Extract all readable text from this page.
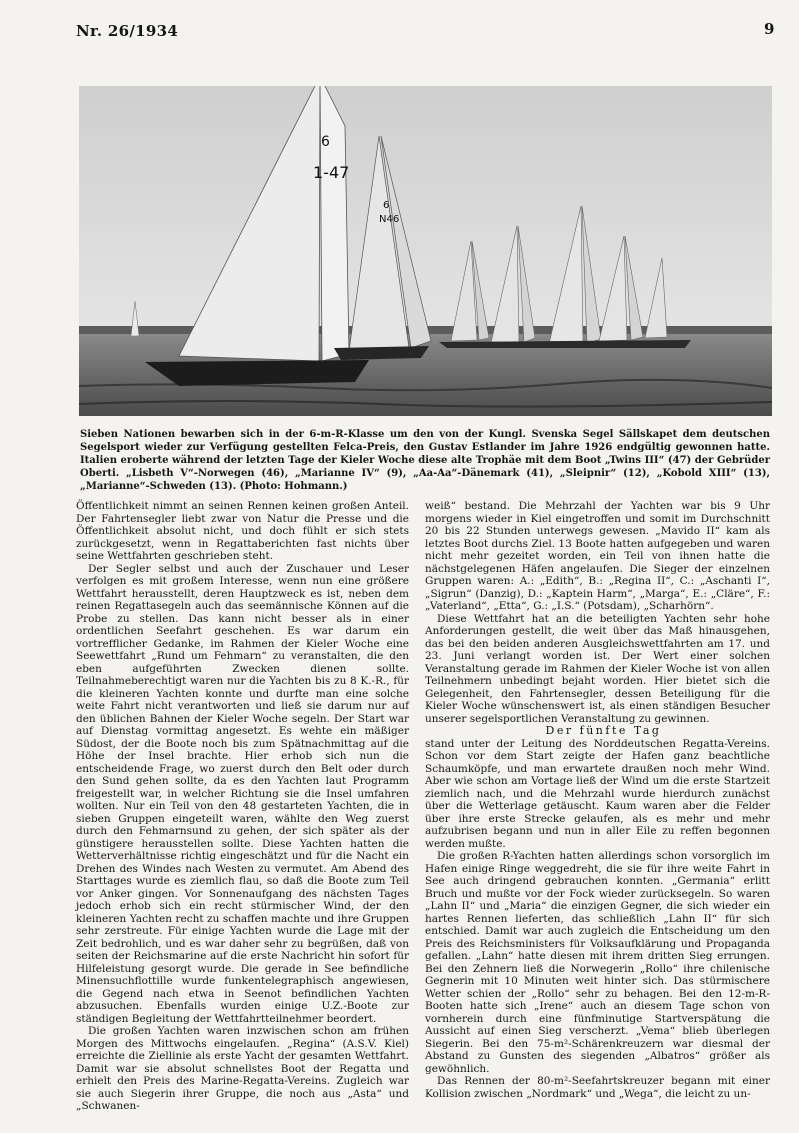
Nr. 26/1934	9
6
1-47
6
N46
Sieben Nationen bewarben sich in der 6-m-R-Klasse um den von der Kungl. Svenska Segel Sällskapet dem deutschen Segelsport wieder zur Verfügung gestellten Felca-Preis, den Gustav Estlander im Jahre 1926 endgültig gewonnen hatte. Italien eroberte während der letzten Tage der Kieler Woche diese alte Trophäe mit dem Boot „Twins III“ (47) der Gebrüder Oberti. „Lisbeth V“-Norwegen (46), „Marianne IV“ (9), „Aa-Aa“-Dänemark (41), „Sleipnir“ (12), „Kobold XIII“ (13), „Marianne“-Schweden (13). (Photo: Hohmann.)

Öffentlichkeit nimmt an seinen Rennen keinen großen Anteil. Der Fahrtensegler liebt zwar von Natur die Presse und die Öffentlichkeit absolut nicht, und doch fühlt er sich stets zurückgesetzt, wenn in Regattaberichten fast nichts über seine Wettfahrten geschrieben steht.

Der Segler selbst und auch der Zuschauer und Leser verfolgen es mit großem Interesse, wenn nun eine größere Wettfahrt herausstellt, deren Hauptzweck es ist, neben dem reinen Regattasegeln auch das seemännische Können auf die Probe zu stellen. Das kann nicht besser als in einer ordentlichen Seefahrt geschehen. Es war darum ein vortrefflicher Gedanke, im Rahmen der Kieler Woche eine Seewettfahrt „Rund um Fehmarn“ zu veranstalten, die den eben aufgeführten Zwecken dienen sollte. Teilnahmeberechtigt waren nur die Yachten bis zu 8 K.-R., für die kleineren Yachten konnte und durfte man eine solche weite Fahrt nicht verantworten und ließ sie darum nur auf den üblichen Bahnen der Kieler Woche segeln. Der Start war auf Dienstag vormittag angesetzt. Es wehte ein mäßiger Südost, der die Boote noch bis zum Spätnachmittag auf die Höhe der Insel brachte. Hier erhob sich nun die entscheidende Frage, wo zuerst durch den Belt oder durch den Sund gehen sollte, da es den Yachten laut Programm freigestellt war, in welcher Richtung sie die Insel umfahren wollten. Nur ein Teil von den 48 gestarteten Yachten, die in sieben Gruppen eingeteilt waren, wählte den Weg zuerst durch den Fehmarnsund zu gehen, der sich später als der günstigere herausstellen sollte. Diese Yachten hatten die Wetterverhältnisse richtig eingeschätzt und für die Nacht ein Drehen des Windes nach Westen zu vermutet. Am Abend des Starttages wurde es ziemlich flau, so daß die Boote zum Teil vor Anker gingen. Vor Sonnenaufgang des nächsten Tages jedoch erhob sich ein recht stürmischer Wind, der den kleineren Yachten recht zu schaffen machte und ihre Gruppen sehr zerstreute. Für einige Yachten wurde die Lage mit der Zeit bedrohlich, und es war daher sehr zu begrüßen, daß von seiten der Reichsmarine auf die erste Nachricht hin sofort für Hilfeleistung gesorgt wurde. Die gerade in See befindliche Minensuchflottille wurde funkentelegraphisch angewiesen, die Gegend nach etwa in Seenot befindlichen Yachten abzusuchen. Ebenfalls wurden einige U.Z.-Boote zur ständigen Begleitung der Wettfahrtteilnehmer beordert.

Die großen Yachten waren inzwischen schon am frühen Morgen des Mittwochs eingelaufen. „Regina“ (A.S.V. Kiel) erreichte die Ziellinie als erste Yacht der gesamten Wettfahrt. Damit war sie absolut schnellstes Boot der Regatta und erhielt den Preis des Marine-Regatta-Vereins. Zugleich war sie auch Siegerin ihrer Gruppe, die noch aus „Asta“ und „Schwanen-

weiß“ bestand. Die Mehrzahl der Yachten war bis 9 Uhr morgens wieder in Kiel eingetroffen und somit im Durchschnitt 20 bis 22 Stunden unterwegs gewesen. „Mavido II“ kam als letztes Boot durchs Ziel. 13 Boote hatten aufgegeben und waren nicht mehr gezeitet worden, ein Teil von ihnen hatte die nächstgelegenen Häfen angelaufen. Die Sieger der einzelnen Gruppen waren: A.: „Edith“, B.: „Regina II“, C.: „Aschanti I“, „Sigrun“ (Danzig), D.: „Kaptein Harm“, „Marga“, E.: „Cläre“, F.: „Vaterland“, „Etta“, G.: „I.S.“ (Potsdam), „Scharhörn“.

Diese Wettfahrt hat an die beteiligten Yachten sehr hohe Anforderungen gestellt, die weit über das Maß hinausgehen, das bei den beiden anderen Ausgleichswettfahrten am 17. und 23. Juni verlangt worden ist. Der Wert einer solchen Veranstaltung gerade im Rahmen der Kieler Woche ist von allen Teilnehmern unbedingt bejaht worden. Hier bietet sich die Gelegenheit, den Fahrtensegler, dessen Beteiligung für die Kieler Woche wünschenswert ist, als einen ständigen Besucher unserer segelsportlichen Veranstaltung zu gewinnen.

Der fünfte Tag

stand unter der Leitung des Norddeutschen Regatta-Vereins. Schon vor dem Start zeigte der Hafen ganz beachtliche Schaumköpfe, und man erwartete draußen noch mehr Wind. Aber wie schon am Vortage ließ der Wind um die erste Startzeit ziemlich nach, und die Mehrzahl wurde hierdurch zunächst über die Wetterlage getäuscht. Kaum waren aber die Felder über ihre erste Strecke gelaufen, als es mehr und mehr aufzubrisen begann und nun in aller Eile zu reffen begonnen werden mußte.

Die großen R-Yachten hatten allerdings schon vorsorglich im Hafen einige Ringe weggedreht, die sie für ihre weite Fahrt in See auch dringend gebrauchen konnten. „Germania“ erlitt Bruch und mußte vor der Fock wieder zurücksegeln. So waren „Lahn II“ und „Maria“ die einzigen Gegner, die sich wieder ein hartes Rennen lieferten, das schließlich „Lahn II“ für sich entschied. Damit war auch zugleich die Entscheidung um den Preis des Reichsministers für Volksaufklärung und Propaganda gefallen. „Lahn“ hatte diesen mit ihrem dritten Sieg errungen. Bei den Zehnern ließ die Norwegerin „Rollo“ ihre chilenische Gegnerin mit 10 Minuten weit hinter sich. Das stürmischere Wetter schien der „Rollo“ sehr zu behagen. Bei den 12-m-R-Booten hatte sich „Irene“ auch an diesem Tage schon von vornherein durch eine fünfminutige Startverspätung die Aussicht auf einen Sieg verscherzt. „Vema“ blieb überlegen Siegerin. Bei den 75-m²-Schärenkreuzern war diesmal der Abstand zu Gunsten des siegenden „Albatros“ größer als gewöhnlich.

Das Rennen der 80-m²-Seefahrtskreuzer begann mit einer Kollision zwischen „Nordmark“ und „Wega“, die leicht zu un-
